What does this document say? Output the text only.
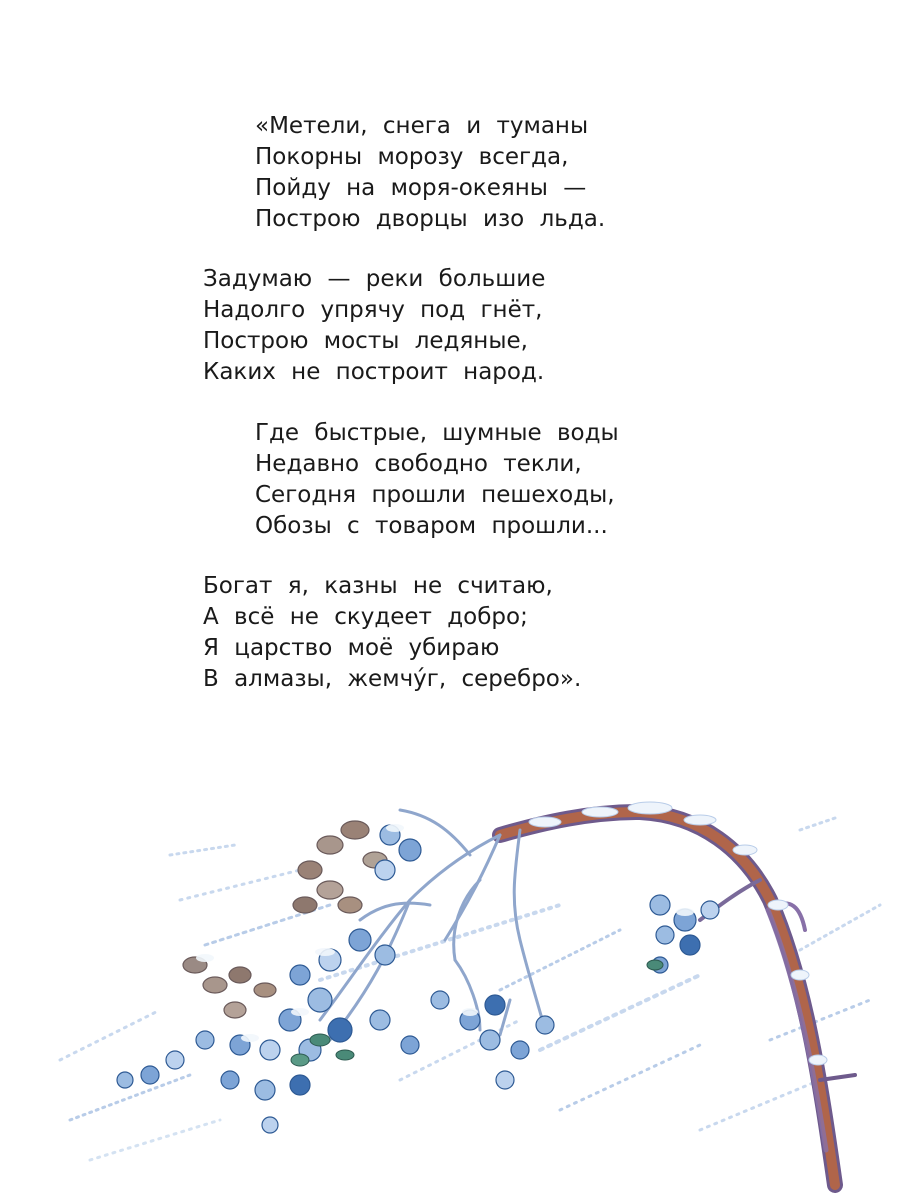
«Метели, снега и туманы
Покорны морозу всегда,
Пойду на моря-океяны —
Построю дворцы изо льда.

Задумаю — реки большие
Надолго упрячу под гнёт,
Построю мосты ледяные,
Каких не построит народ.

Где быстрые, шумные воды
Недавно свободно текли,
Сегодня прошли пешеходы,
Обозы с товаром прошли...

Богат я, казны не считаю,
А всё не скудеет добро;
Я царство моё убираю
В алмазы, жемчу́г, серебро».
